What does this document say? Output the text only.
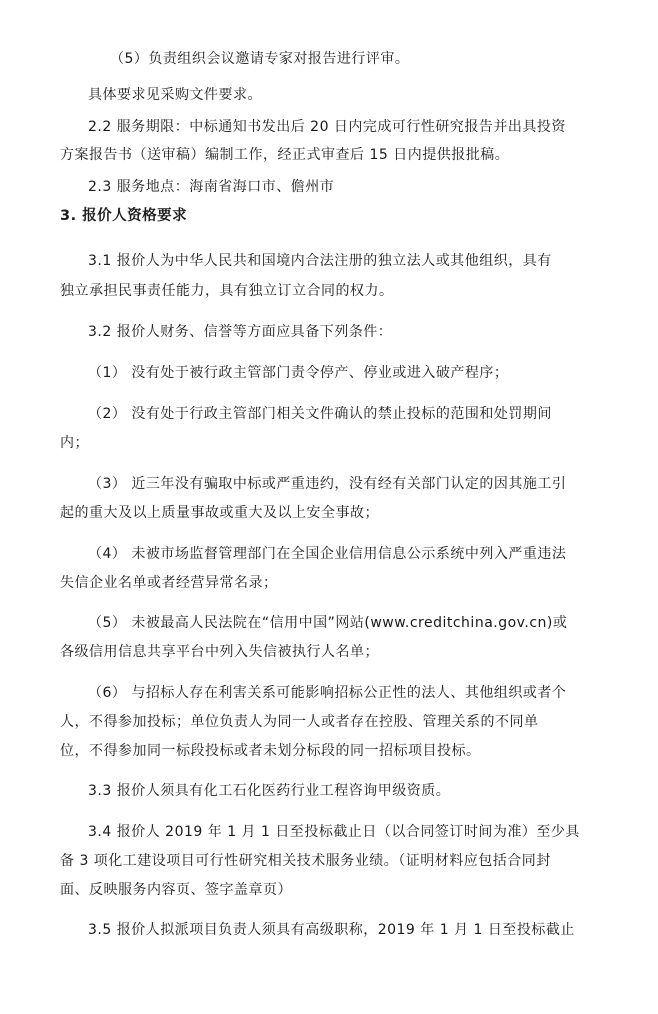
（5）负责组织会议邀请专家对报告进行评审。
具体要求见采购文件要求。
2.2 服务期限：中标通知书发出后 20 日内完成可行性研究报告并出具投资
方案报告书（送审稿）编制工作，经正式审查后 15 日内提供报批稿。
2.3 服务地点：海南省海口市、儋州市
3. 报价人资格要求
3.1 报价人为中华人民共和国境内合法注册的独立法人或其他组织，具有
独立承担民事责任能力，具有独立订立合同的权力。
3.2 报价人财务、信誉等方面应具备下列条件：
（1） 没有处于被行政主管部门责令停产、停业或进入破产程序；
（2） 没有处于行政主管部门相关文件确认的禁止投标的范围和处罚期间
内；
（3） 近三年没有骗取中标或严重违约，没有经有关部门认定的因其施工引
起的重大及以上质量事故或重大及以上安全事故；
（4） 未被市场监督管理部门在全国企业信用信息公示系统中列入严重违法
失信企业名单或者经营异常名录；
（5） 未被最高人民法院在“信用中国”网站(www.creditchina.gov.cn)或
各级信用信息共享平台中列入失信被执行人名单；
（6） 与招标人存在利害关系可能影响招标公正性的法人、其他组织或者个
人，不得参加投标；单位负责人为同一人或者存在控股、管理关系的不同单
位，不得参加同一标段投标或者未划分标段的同一招标项目投标。
3.3 报价人须具有化工石化医药行业工程咨询甲级资质。
3.4 报价人 2019 年 1 月 1 日至投标截止日（以合同签订时间为准）至少具
备 3 项化工建设项目可行性研究相关技术服务业绩。（证明材料应包括合同封
面、反映服务内容页、签字盖章页）
3.5 报价人拟派项目负责人须具有高级职称，2019 年 1 月 1 日至投标截止
